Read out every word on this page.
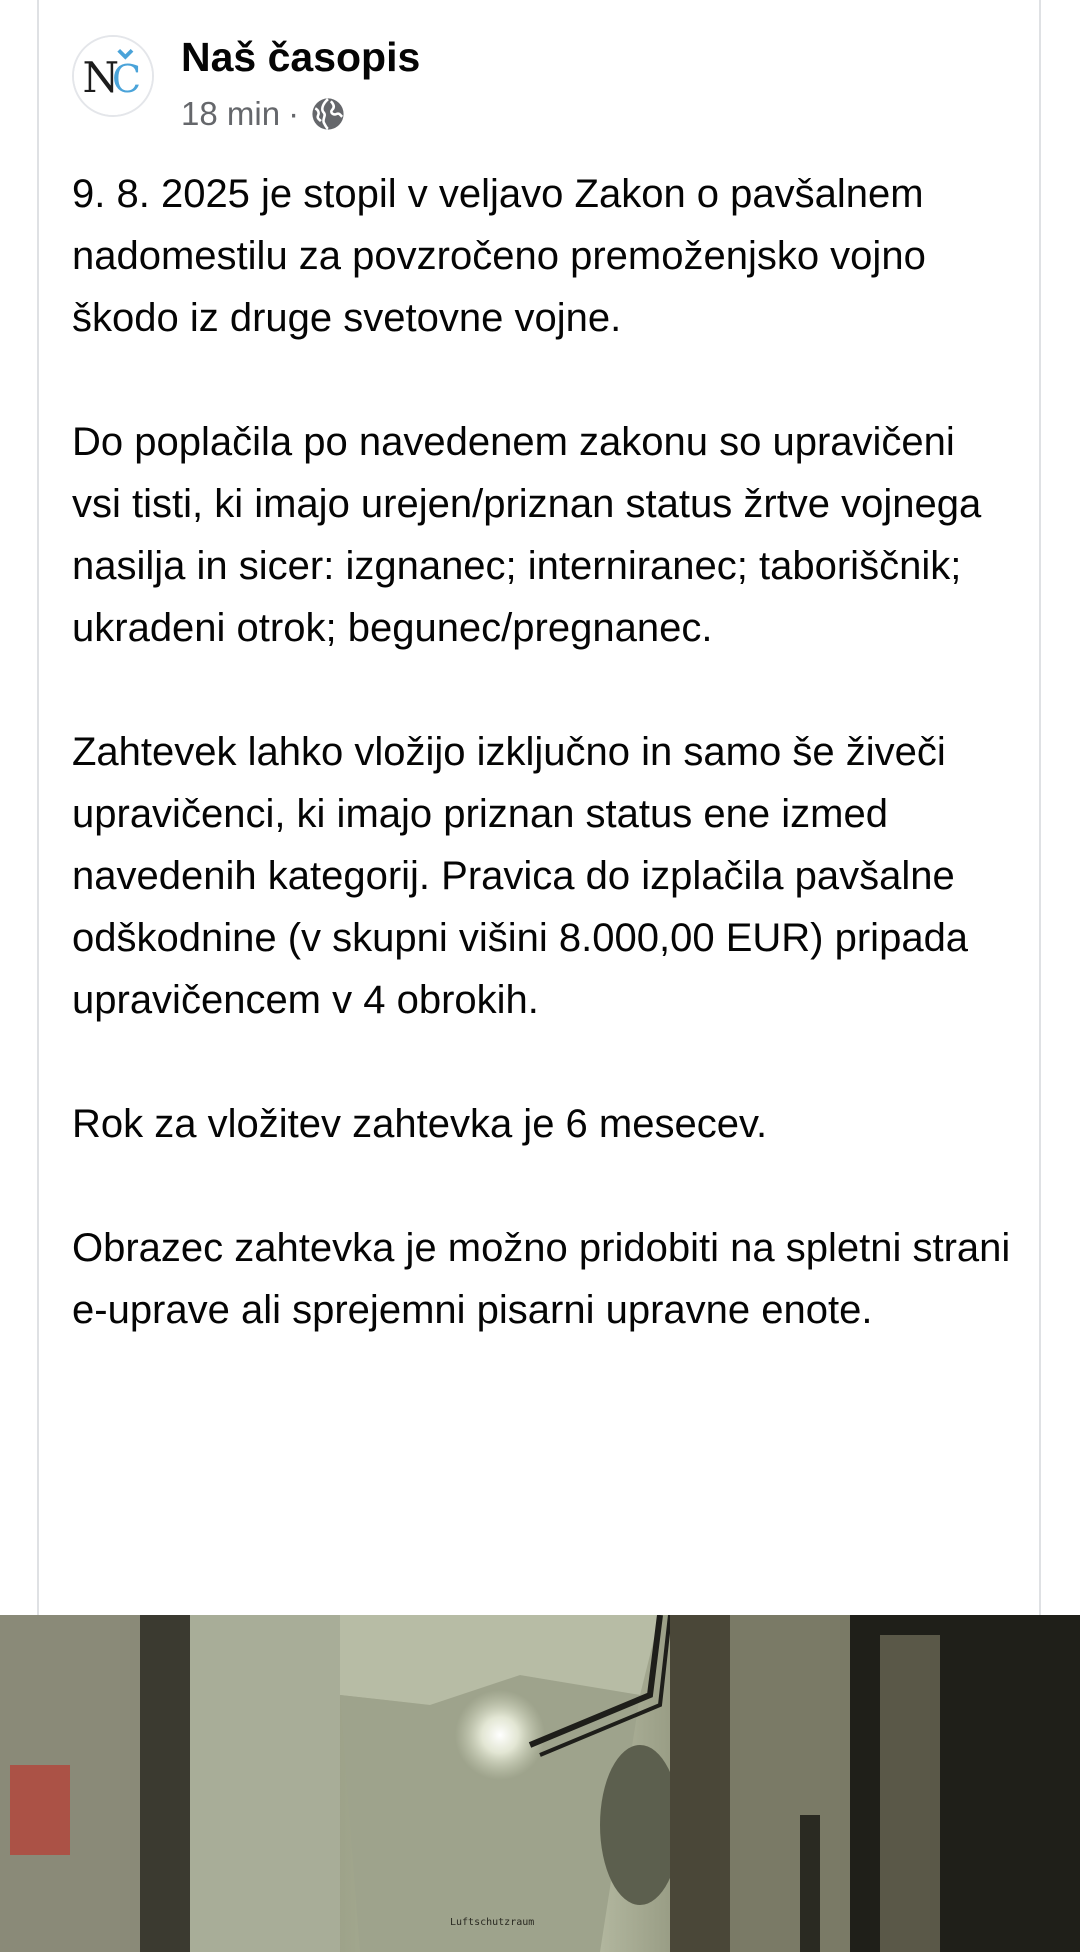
N
C Naš časopis
18 min ·

9. 8. 2025 je stopil v veljavo Zakon o pavšalnem nadomestilu za povzročeno premoženjsko vojno škodo iz druge svetovne vojne.

Do poplačila po navedenem zakonu so upravičeni vsi tisti, ki imajo urejen/priznan status žrtve vojnega nasilja in sicer: izgnanec; interniranec; taboriščnik; ukradeni otrok; begunec/pregnanec.

Zahtevek lahko vložijo izključno in samo še živeči upravičenci, ki imajo priznan status ene izmed navedenih kategorij. Pravica do izplačila pavšalne odškodnine (v skupni višini 8.000,00 EUR) pripada upravičencem v 4 obrokih.

Rok za vložitev zahtevka je 6 mesecev.

Obrazec zahtevka je možno pridobiti na spletni strani e-uprave ali sprejemni pisarni upravne enote.

Luftschutzraum
